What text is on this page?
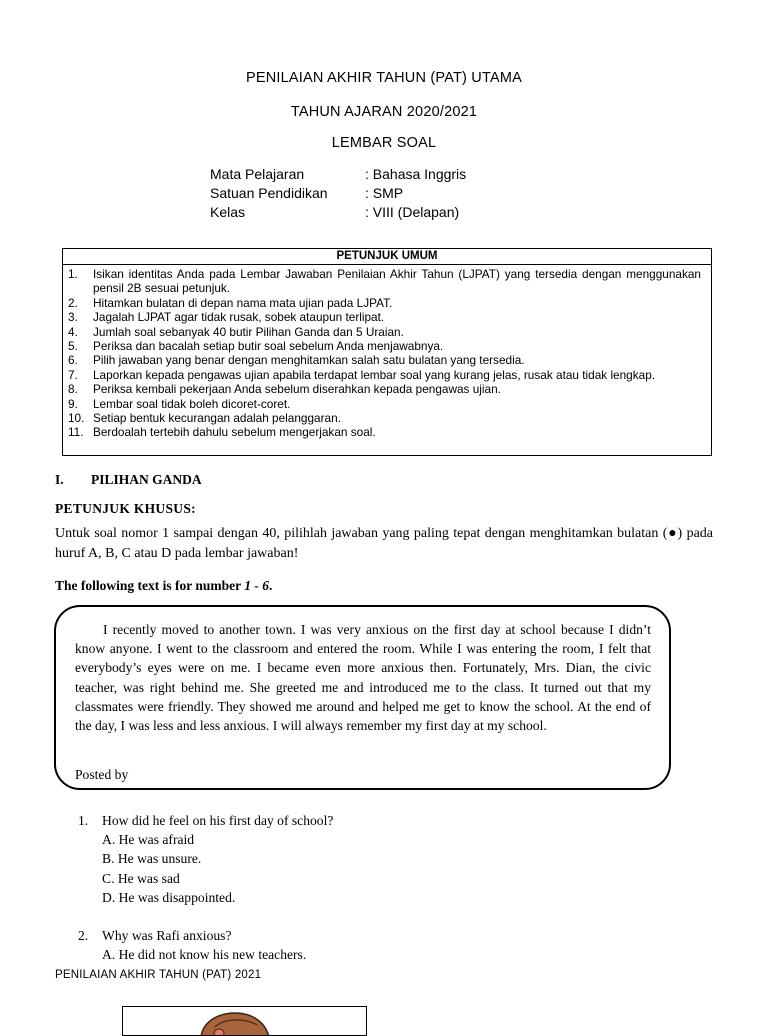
PENILAIAN AKHIR TAHUN (PAT) UTAMA
TAHUN AJARAN 2020/2021
LEMBAR SOAL
Mata Pelajaran	: Bahasa Inggris
Satuan Pendidikan	: SMP
Kelas	: VIII (Delapan)
PETUNJUK UMUM
1. Isikan identitas Anda pada Lembar Jawaban Penilaian Akhir Tahun (LJPAT) yang tersedia dengan menggunakan pensil 2B sesuai petunjuk.
2. Hitamkan bulatan di depan nama mata ujian pada LJPAT.
3. Jagalah LJPAT agar tidak rusak, sobek ataupun terlipat.
4. Jumlah soal sebanyak 40 butir Pilihan Ganda dan 5 Uraian.
5. Periksa dan bacalah setiap butir soal sebelum Anda menjawabnya.
6. Pilih jawaban yang benar dengan menghitamkan salah satu bulatan yang tersedia.
7. Laporkan kepada pengawas ujian apabila terdapat lembar soal yang kurang jelas, rusak atau tidak lengkap.
8. Periksa kembali pekerjaan Anda sebelum diserahkan kepada pengawas ujian.
9. Lembar soal tidak boleh dicoret-coret.
10. Setiap bentuk kecurangan adalah pelanggaran.
11. Berdoalah tertebih dahulu sebelum mengerjakan soal.
I. PILIHAN GANDA
PETUNJUK KHUSUS:
Untuk soal nomor 1 sampai dengan 40, pilihlah jawaban yang paling tepat dengan menghitamkan bulatan (●) pada huruf A, B, C atau D pada lembar jawaban!
The following text is for number 1 - 6.

I recently moved to another town. I was very anxious on the first day at school because I didn’t know anyone. I went to the classroom and entered the room. While I was entering the room, I felt that everybody’s eyes were on me. I became even more anxious then. Fortunately, Mrs. Dian, the civic teacher, was right behind me. She greeted me and introduced me to the class. It turned out that my classmates were friendly. They showed me around and helped me get to know the school. At the end of the day, I was less and less anxious. I will always remember my first day at my school.

Posted by
1. How did he feel on his first day of school?
A. He was afraid
B. He was unsure.
C. He was sad
D. He was disappointed.
2. Why was Rafi anxious?
A. He did not know his new teachers.
PENILAIAN AKHIR TAHUN (PAT) 2021
